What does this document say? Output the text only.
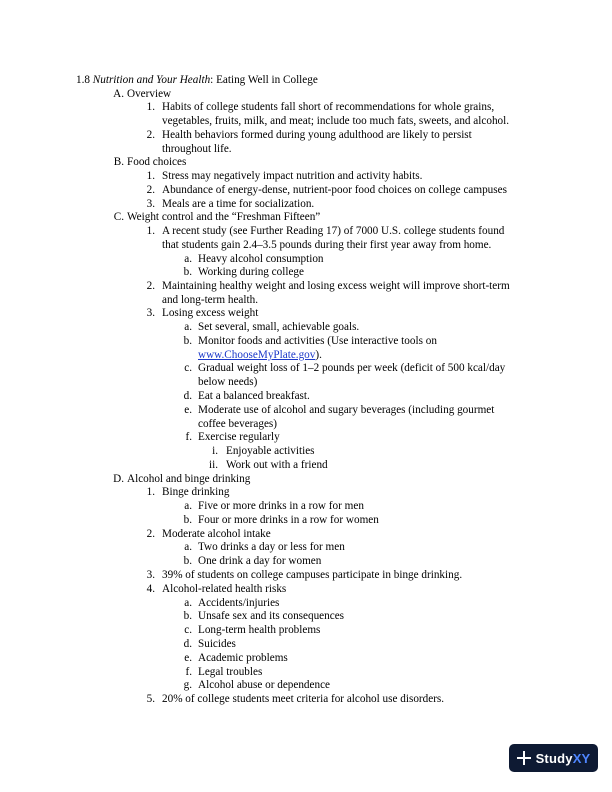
1.8 Nutrition and Your Health: Eating Well in College
A. Overview
1. Habits of college students fall short of recommendations for whole grains,
vegetables, fruits, milk, and meat; include too much fats, sweets, and alcohol.
2. Health behaviors formed during young adulthood are likely to persist
throughout life.
B. Food choices
1. Stress may negatively impact nutrition and activity habits.
2. Abundance of energy-dense, nutrient-poor food choices on college campuses
3. Meals are a time for socialization.
C. Weight control and the “Freshman Fifteen”
1. A recent study (see Further Reading 17) of 7000 U.S. college students found
that students gain 2.4–3.5 pounds during their first year away from home.
a. Heavy alcohol consumption
b. Working during college
2. Maintaining healthy weight and losing excess weight will improve short-term
and long-term health.
3. Losing excess weight
a. Set several, small, achievable goals.
b. Monitor foods and activities (Use interactive tools on
www.ChooseMyPlate.gov).
c. Gradual weight loss of 1–2 pounds per week (deficit of 500 kcal/day
below needs)
d. Eat a balanced breakfast.
e. Moderate use of alcohol and sugary beverages (including gourmet
coffee beverages)
f. Exercise regularly
i. Enjoyable activities
ii. Work out with a friend
D. Alcohol and binge drinking
1. Binge drinking
a. Five or more drinks in a row for men
b. Four or more drinks in a row for women
2. Moderate alcohol intake
a. Two drinks a day or less for men
b. One drink a day for women
3. 39% of students on college campuses participate in binge drinking.
4. Alcohol-related health risks
a. Accidents/injuries
b. Unsafe sex and its consequences
c. Long-term health problems
d. Suicides
e. Academic problems
f. Legal troubles
g. Alcohol abuse or dependence
5. 20% of college students meet criteria for alcohol use disorders.
StudyXY
